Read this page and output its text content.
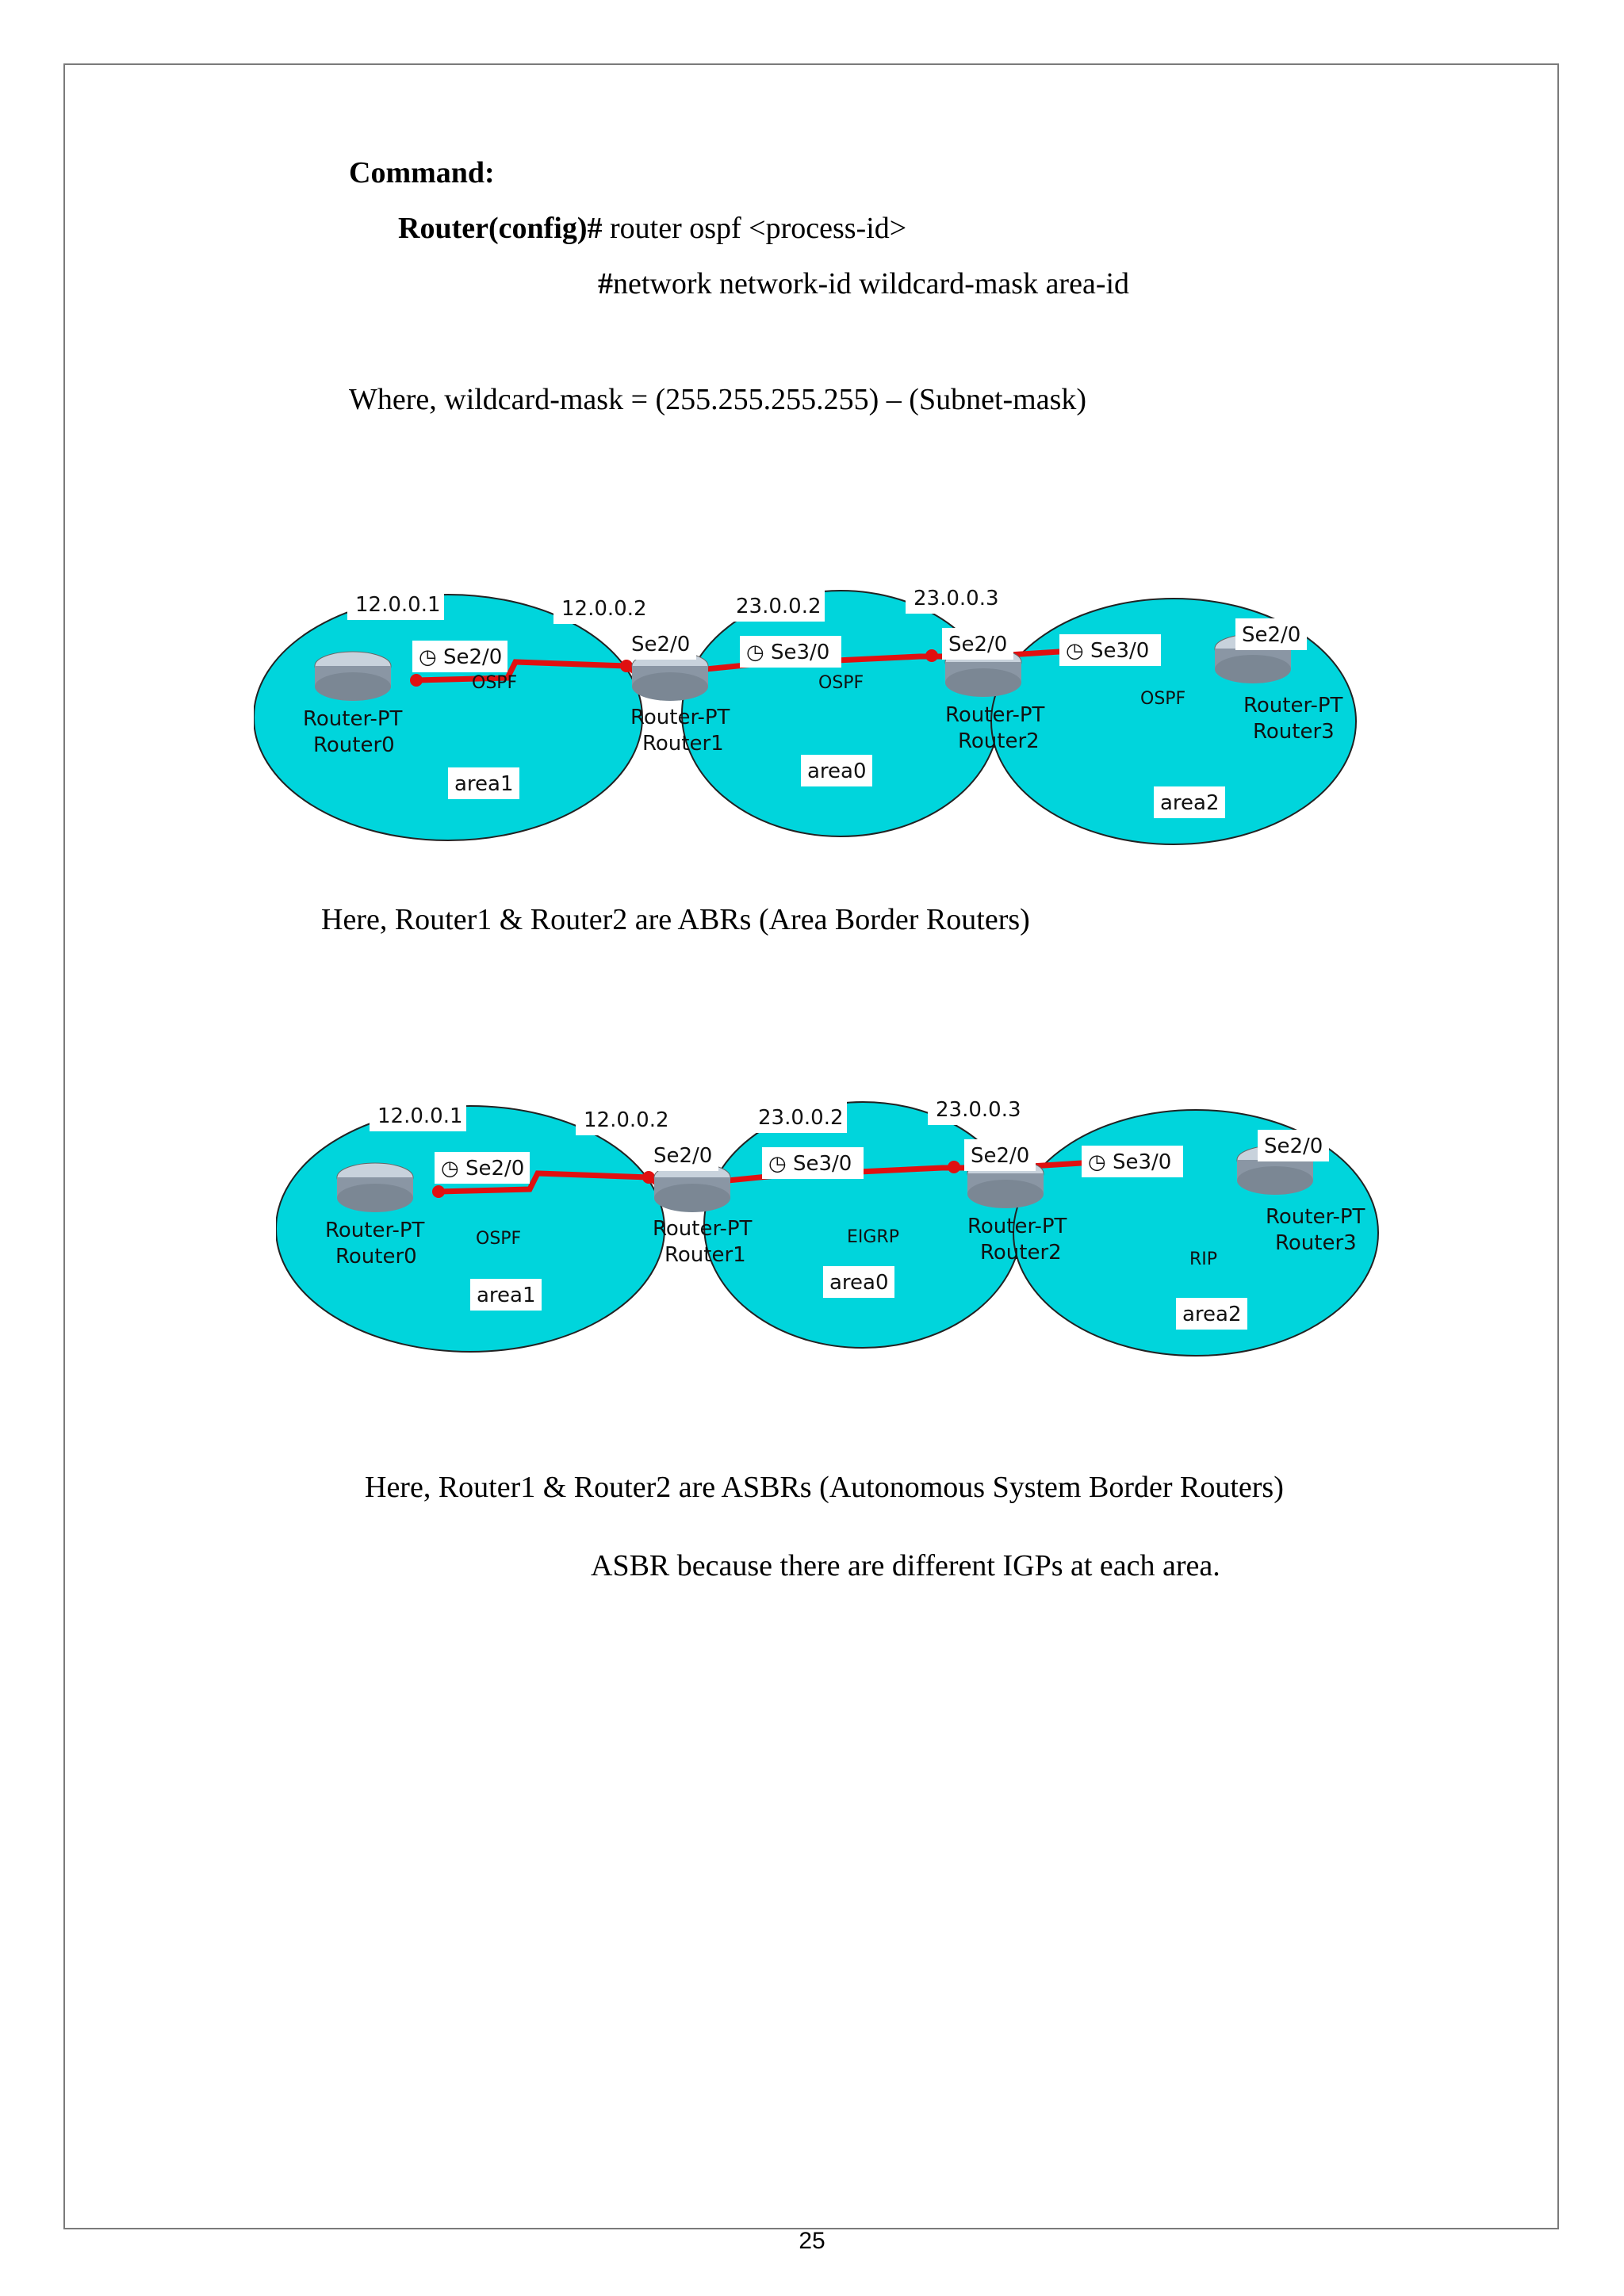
Command:
Router(config)# router ospf <process-id>
#network network-id wildcard-mask area-id
Where, wildcard-mask = (255.255.255.255) – (Subnet-mask)
12.0.0.1	12.0.0.2	23.0.0.2	23.0.0.3
◷ Se2/0
Se2/0	◷ Se3/0	Se2/0	◷ Se3/0
Se2/0
OSPF	OSPF
OSPF
Router-PT
Router0
Router-PT
Router1
Router-PT
Router2
Router-PT
Router3
area1
area0
area2
Here, Router1 & Router2 are ABRs (Area Border Routers)
12.0.0.1	12.0.0.2	23.0.0.2	23.0.0.3
◷ Se2/0
Se2/0	◷ Se3/0	Se2/0	◷ Se3/0
Se2/0
OSPF	EIGRP
RIP
Router-PT
Router0
Router-PT
Router1
Router-PT
Router2
Router-PT
Router3
area1
area0
area2
Here, Router1 & Router2 are ASBRs (Autonomous System Border Routers)
ASBR because there are different IGPs at each area.
25
